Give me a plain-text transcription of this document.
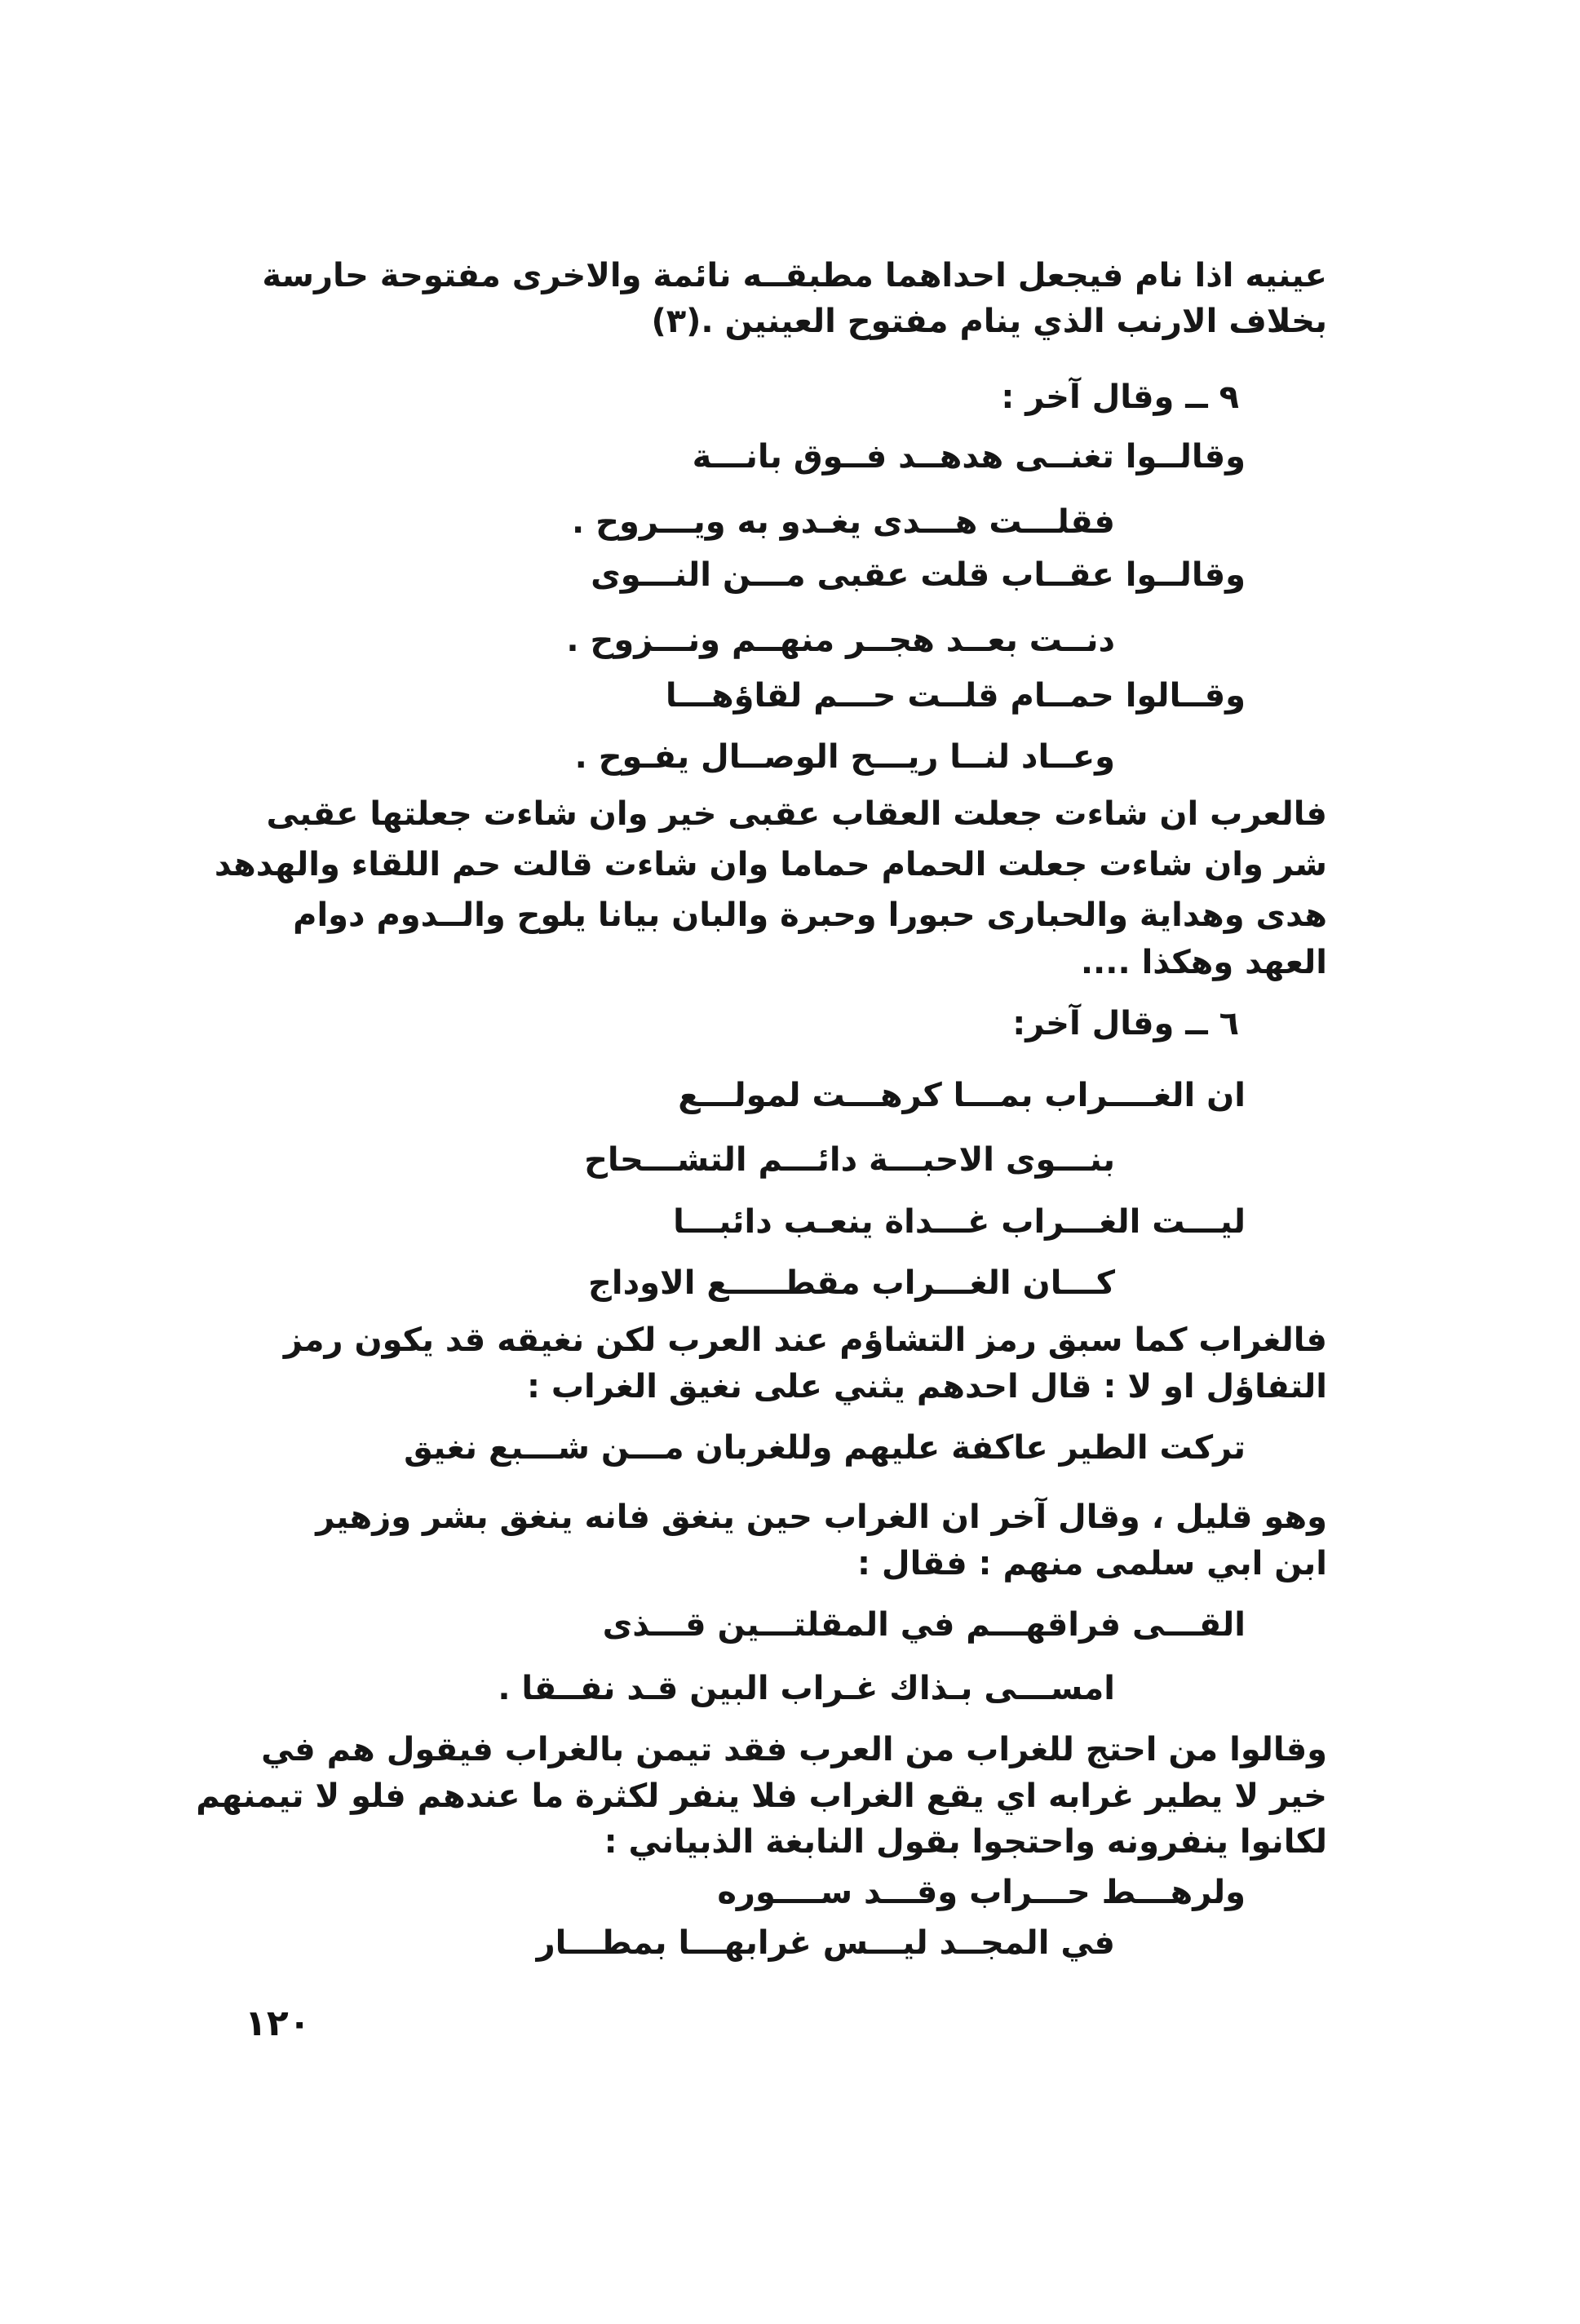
عينيه اذا نام فيجعل احداهما مطبقــه نائمة والاخرى مفتوحة حارسة
بخلاف الارنب الذي ينام مفتوح العينين .(٣)
٩ ــ وقال آخر :
وقالــوا تغنــى هدهــد فــوق بانـــة
فقلـــت هـــدى يغـدو به ويـــروح .
وقالــوا عقــاب قلت عقبى مـــن النـــوى
دنــت بعــد هجــر منهــم ونـــزوح .
وقــالوا حمــام قلــت حـــم لقاؤهـــا
وعــاد لنــا ريـــح الوصــال يفـوح .
فالعرب ان شاءت جعلت العقاب عقبى خير وان شاءت جعلتها عقبى
شر وان شاءت جعلت الحمام حماما وان شاءت قالت حم اللقاء والهدهد
هدى وهداية والحبارى حبورا وحبرة والبان بيانا يلوح والــدوم دوام
العهد وهكذا ....
٦ ــ وقال آخر:
ان الغــــراب بمـــا كرهـــت لمولـــع
بنـــوى الاحبـــة دائـــم التشـــحاح
ليـــت الغـــراب غـــداة ينعـب دائبـــا
كـــان الغـــراب مقطـــــع الاوداج
فالغراب كما سبق رمز التشاؤم عند العرب لكن نغيقه قد يكون رمز
التفاؤل او لا : قال احدهم يثني على نغيق الغراب :
تركت الطير عاكفة عليهم وللغربان مـــن شـــبع نغيق
وهو قليل ، وقال آخر ان الغراب حين ينغق فانه ينغق بشر وزهير
ابن ابي سلمى منهم : فقال :
القـــى فراقهـــم في المقلتـــين قـــذى
امســـى بـذاك غـراب البين قـد نفــقا .
وقالوا من احتج للغراب من العرب فقد تيمن بالغراب فيقول هم في
خير لا يطير غرابه اي يقع الغراب فلا ينفر لكثرة ما عندهم فلو لا تيمنهم
لكانوا ينفرونه واحتجوا بقول النابغة الذبياني :
ولرهـــط حـــراب وقـــد ســــوره
في المجــد ليـــس غرابهـــا بمطـــار
١٢٠
